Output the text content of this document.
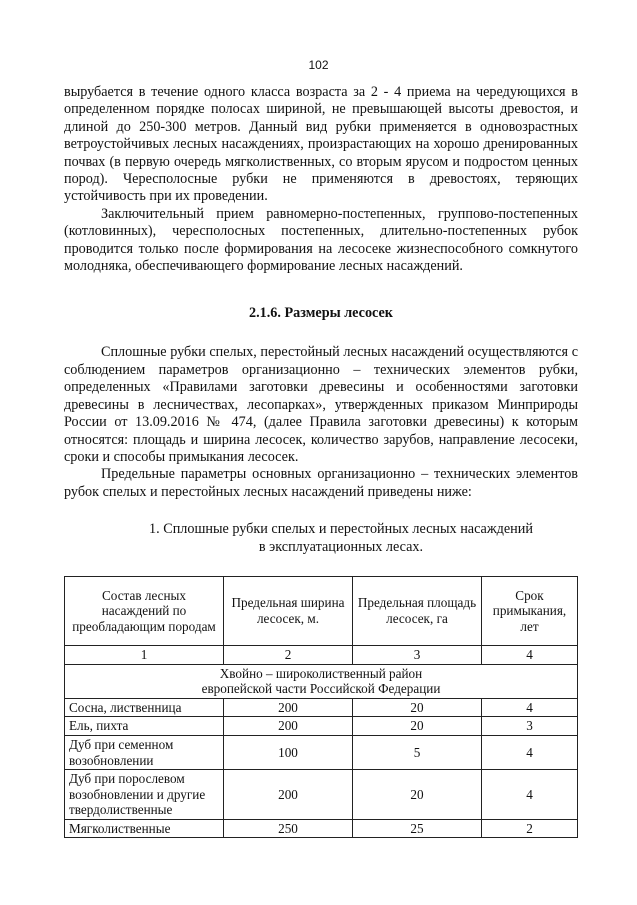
102

вырубается в течение одного класса возраста за 2 - 4 приема на чередующихся в определенном порядке полосах шириной, не превышающей высоты древостоя, и длиной до 250-300 метров. Данный вид рубки применяется в одновозрастных ветроустойчивых лесных насаждениях, произрастающих на хорошо дренированных почвах (в первую очередь мягколиственных, со вторым ярусом и подростом ценных пород). Чересполосные рубки не применяются в древостоях, теряющих устойчивость при их проведении.

Заключительный прием равномерно-постепенных, группово-постепенных (котловинных), чересполосных постепенных, длительно-постепенных рубок проводится только после формирования на лесосеке жизнеспособного сомкнутого молодняка, обеспечивающего формирование лесных насаждений.

2.1.6. Размеры лесосек

Сплошные рубки спелых, перестойный лесных насаждений осуществляются с соблюдением параметров организационно – технических элементов рубки, определенных «Правилами заготовки древесины и особенностями заготовки древесины в лесничествах, лесопарках», утвержденных приказом Минприроды России от 13.09.2016 № 474, (далее Правила заготовки древесины) к которым относятся: площадь и ширина лесосек, количество зарубов, направление лесосеки, сроки и способы примыкания лесосек.

Предельные параметры основных организационно – технических элементов рубок спелых и перестойных лесных насаждений приведены ниже:

1. Сплошные рубки спелых и перестойных лесных насаждений
в эксплуатационных лесах.
Состав лесных насаждений по преобладающим породам	Предельная ширина лесосек, м.	Предельная площадь лесосек, га	Срок примыкания, лет
1	2	3	4

Хвойно – широколиственный район
европейской части Российской Федерации			

Сосна, лиственница	200	20	4
Ель, пихта	200	20	3
Дуб при семенном возобновлении	100	5	4
Дуб при порослевом возобновлении и другие твердолиственные	200	20	4
Мягколиственные	250	25	2
